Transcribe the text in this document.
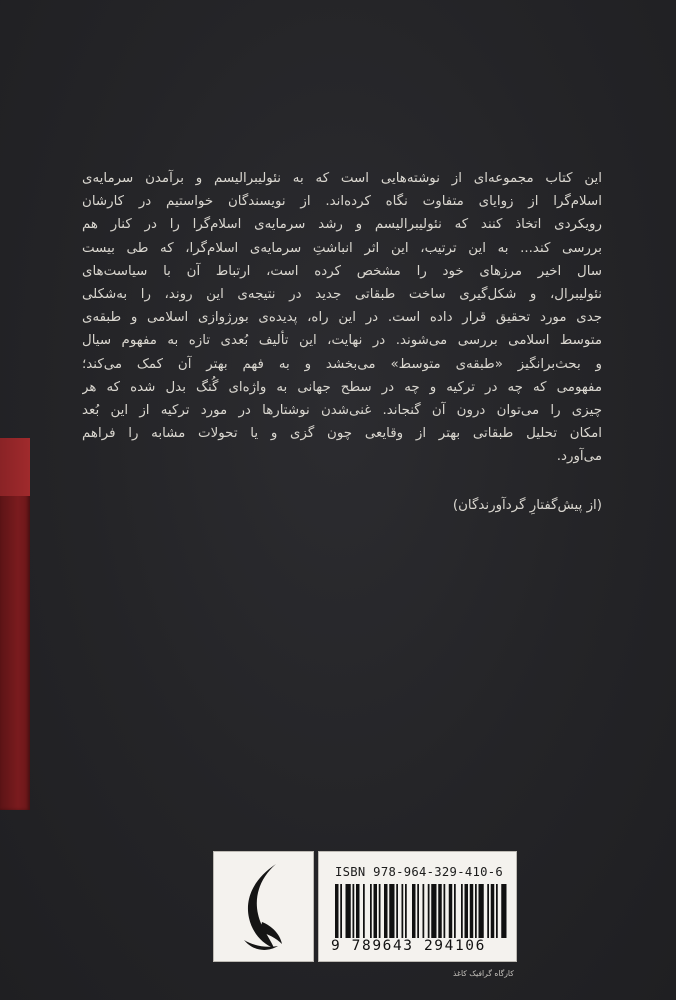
این کتاب مجموعه‌ای از نوشته‌هایی است که به نئولیبرالیسم و برآمدن سرمایه‌ی
اسلام‌گرا از زوایای متفاوت نگاه کرده‌اند. از نویسندگان خواستیم در کارشان
رویکردی اتخاذ کنند که نئولیبرالیسم و رشد سرمایه‌ی اسلام‌گرا را در کنار هم
بررسی کند... به این ترتیب، این اثر انباشتِ سرمایه‌ی اسلام‌گرا، که طی بیست
سال اخیر مرزهای خود را مشخص کرده است، ارتباط آن با سیاست‌های
نئولیبرال، و شکل‌گیری ساخت طبقاتی جدید در نتیجه‌ی این روند، را به‌شکلی
جدی مورد تحقیق قرار داده است. در این راه، پدیده‌ی بورژوازی اسلامی و طبقه‌ی
متوسط اسلامی بررسی می‌شوند. در نهایت، این تألیف بُعدی تازه به مفهوم سیال
و بحث‌برانگیز «طبقه‌ی متوسط» می‌بخشد و به فهم بهتر آن کمک می‌کند؛
مفهومی که چه در ترکیه و چه در سطح جهانی به واژه‌ای گُنگ بدل شده که هر
چیزی را می‌توان درون آن گنجاند. غنی‌شدن نوشتارها در مورد ترکیه از این بُعد
امکان تحلیل طبقاتی بهتر از وقایعی چون گزی و یا تحولات مشابه را فراهم
می‌آورد.
(از پیش‌گفتارِ گردآورندگان)
ISBN 978-964-329-410-6
9 789643 294106
کارگاه گرافیک کاغذ
